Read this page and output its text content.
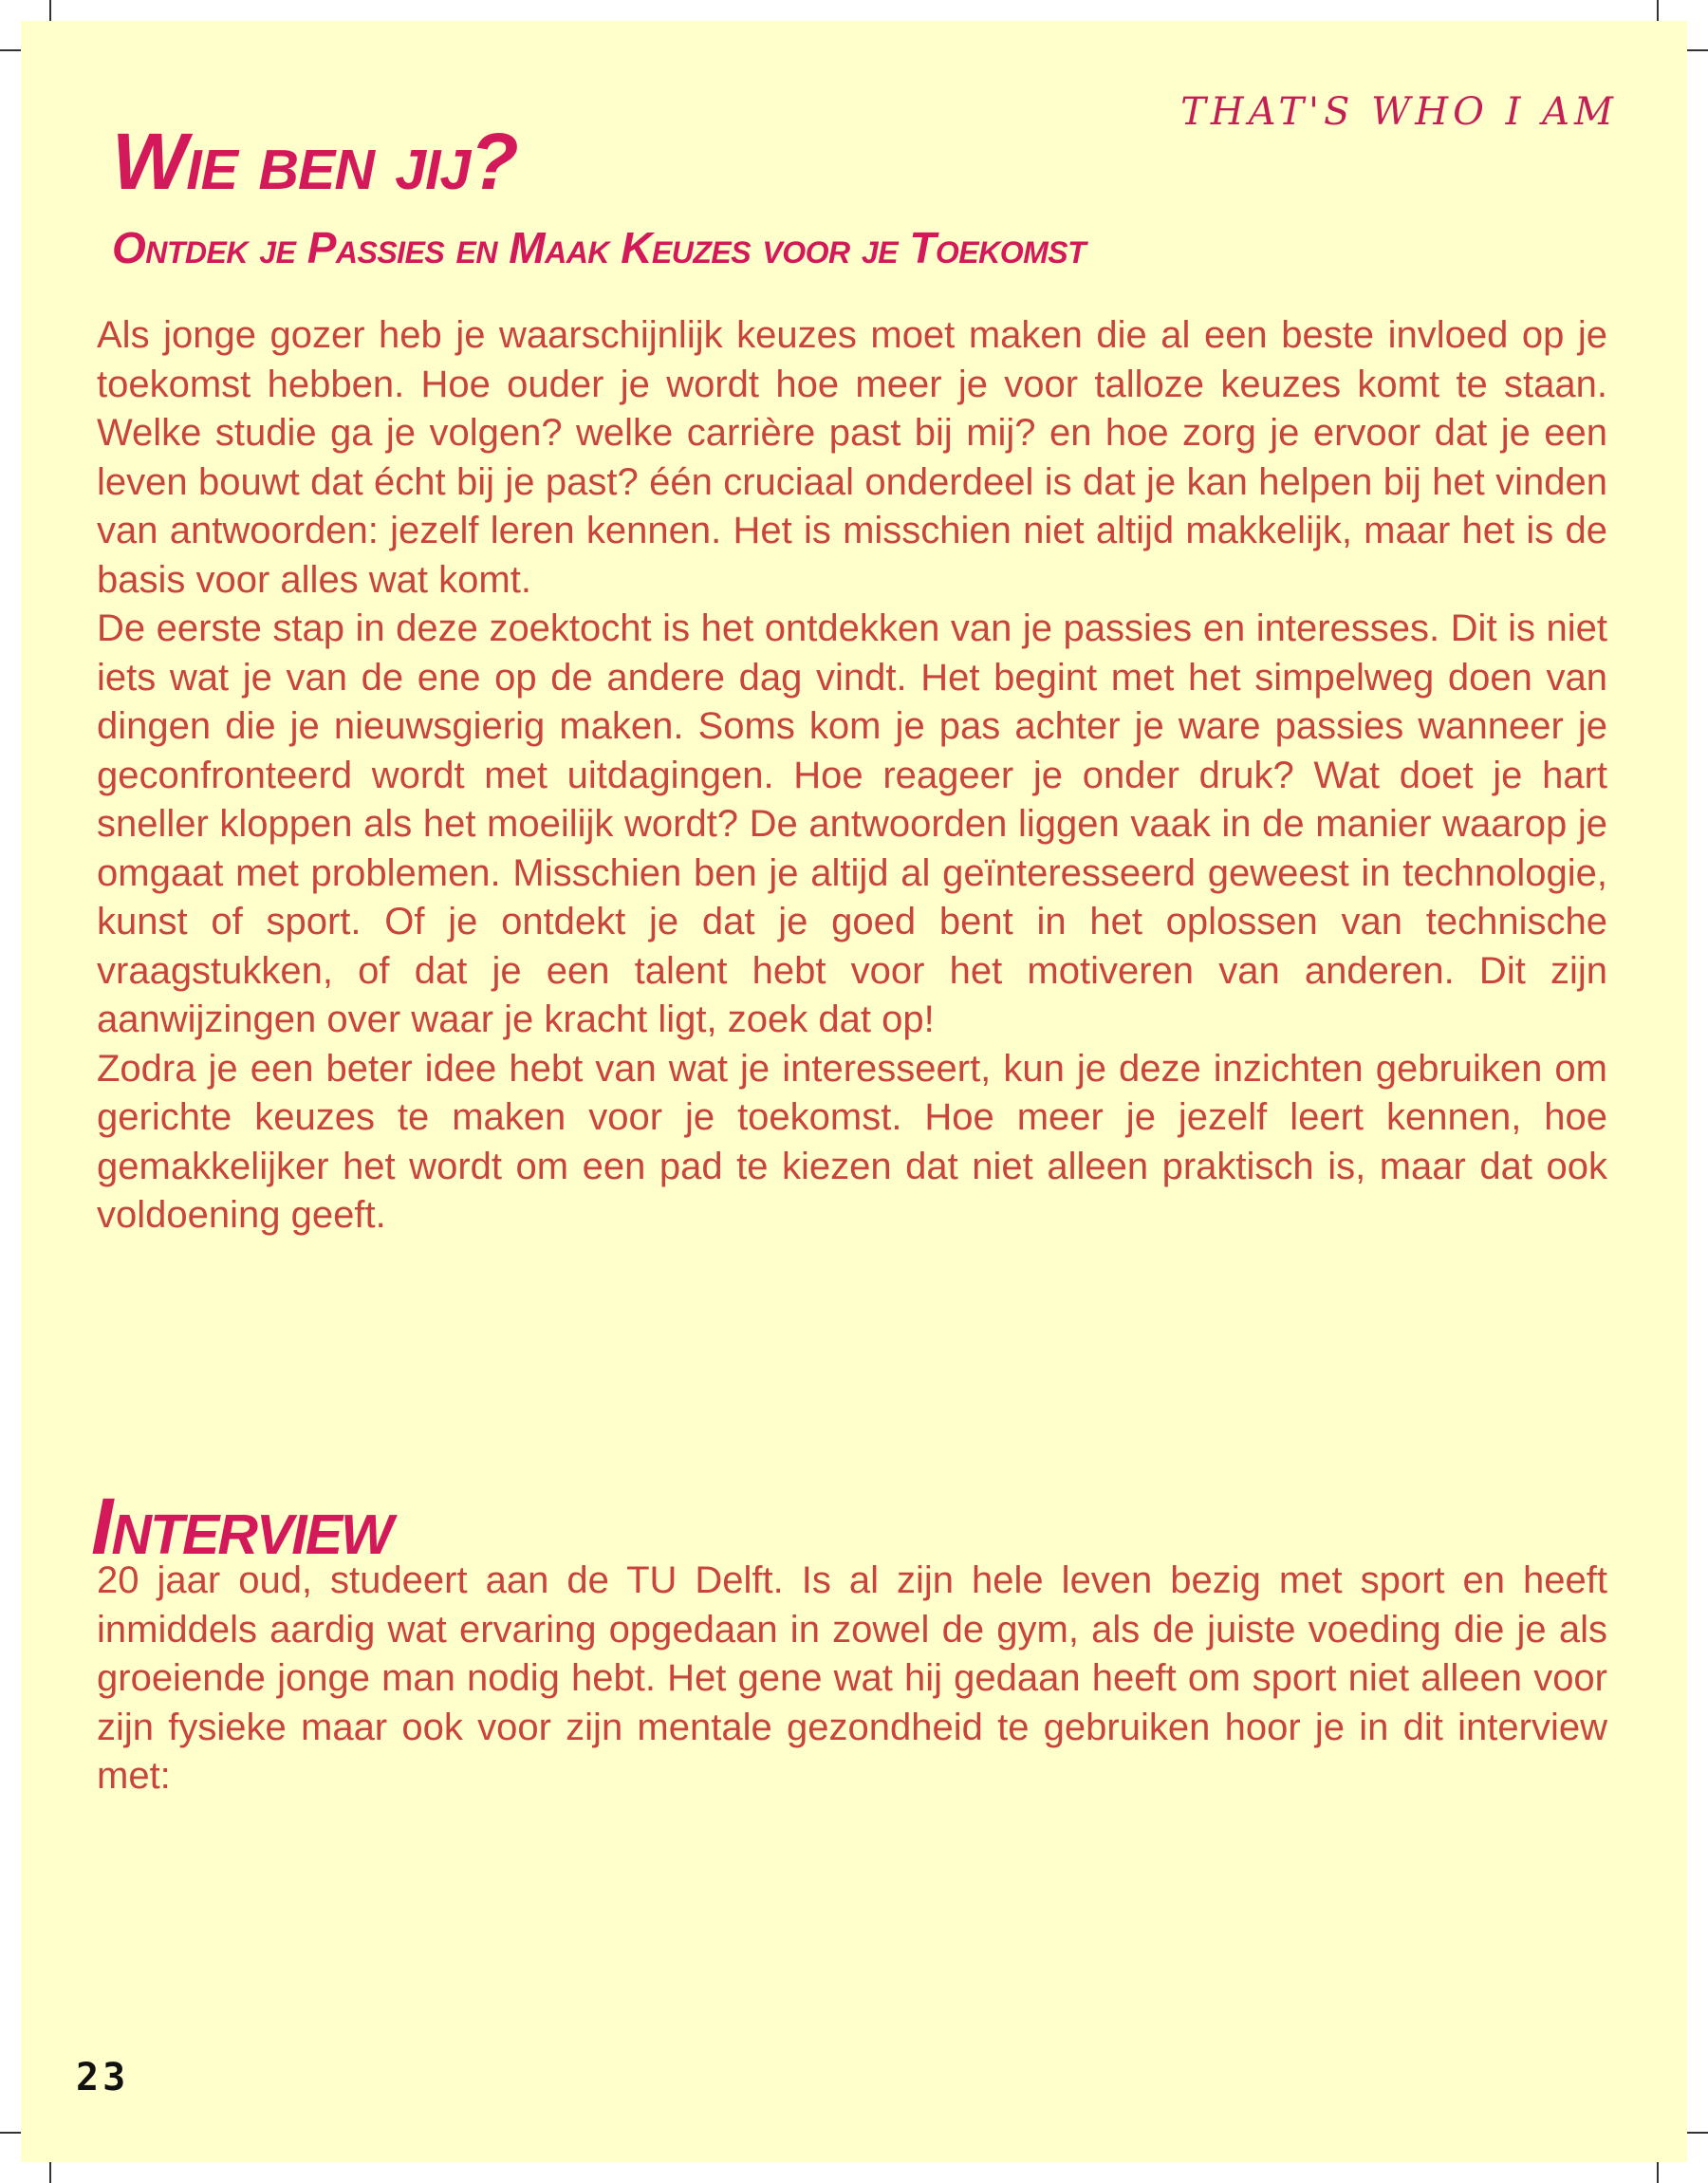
THAT'S WHO I AM
Wie ben jij?
Ontdek je Passies en Maak Keuzes voor je Toekomst

Als jonge gozer heb je waarschijnlijk keuzes moet maken die al een beste invloed op je toekomst hebben. Hoe ouder je wordt hoe meer je voor talloze keuzes komt te staan. Welke studie ga je volgen? welke carrière past bij mij? en hoe zorg je ervoor dat je een leven bouwt dat écht bij je past? één cruciaal onderdeel is dat je kan helpen bij het vinden van antwoorden: jezelf leren kennen. Het is misschien niet altijd makkelijk, maar het is de basis voor alles wat komt.

De eerste stap in deze zoektocht is het ontdekken van je passies en interesses. Dit is niet iets wat je van de ene op de andere dag vindt. Het begint met het simpelweg doen van dingen die je nieuwsgierig maken. Soms kom je pas achter je ware passies wanneer je geconfronteerd wordt met uitdagingen. Hoe reageer je onder druk? Wat doet je hart sneller kloppen als het moeilijk wordt? De antwoorden liggen vaak in de manier waarop je omgaat met problemen. Misschien ben je altijd al geïnteresseerd geweest in technologie, kunst of sport. Of je ontdekt je dat je goed bent in het oplossen van technische vraagstukken, of dat je een talent hebt voor het motiveren van anderen. Dit zijn aanwijzingen over waar je kracht ligt, zoek dat op!

Zodra je een beter idee hebt van wat je interesseert, kun je deze inzichten gebruiken om gerichte keuzes te maken voor je toekomst. Hoe meer je jezelf leert kennen, hoe gemakkelijker het wordt om een pad te kiezen dat niet alleen praktisch is, maar dat ook voldoening geeft.

Interview

20 jaar oud, studeert aan de TU Delft. Is al zijn hele leven bezig met sport en heeft inmiddels aardig wat ervaring opgedaan in zowel de gym, als de juiste voeding die je als groeiende jonge man nodig hebt. Het gene wat hij gedaan heeft om sport niet alleen voor zijn fysieke maar ook voor zijn mentale gezondheid te gebruiken hoor je in dit interview met:

23
